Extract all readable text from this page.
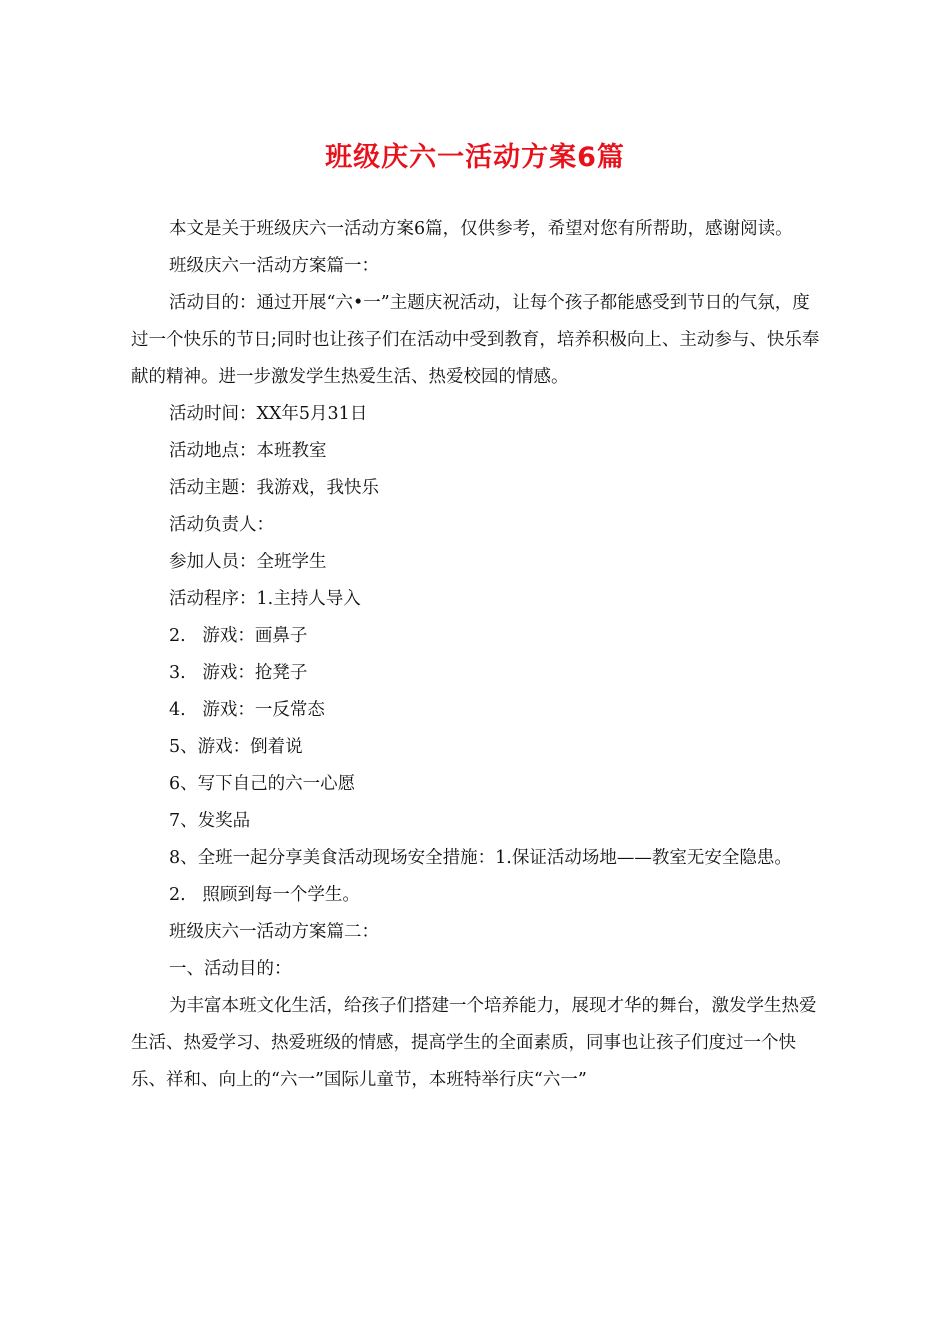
班级庆六一活动方案6篇

本文是关于班级庆六一活动方案6篇，仅供参考，希望对您有所帮助，感谢阅读。

班级庆六一活动方案篇一：

活动目的：通过开展“六•一”主题庆祝活动，让每个孩子都能感受到节日的气氛，度过一个快乐的节日;同时也让孩子们在活动中受到教育，培养积极向上、主动参与、快乐奉献的精神。进一步激发学生热爱生活、热爱校园的情感。

活动时间：XX年5月31日

活动地点：本班教室

活动主题：我游戏，我快乐

活动负责人：

参加人员：全班学生

活动程序：1.主持人导入

2.   游戏：画鼻子

3.   游戏：抢凳子

4.   游戏：一反常态

5、游戏：倒着说

6、写下自己的六一心愿

7、发奖品

8、全班一起分享美食活动现场安全措施：1.保证活动场地——教室无安全隐患。

2.   照顾到每一个学生。

班级庆六一活动方案篇二：

一、活动目的：

为丰富本班文化生活，给孩子们搭建一个培养能力，展现才华的舞台，激发学生热爱生活、热爱学习、热爱班级的情感，提高学生的全面素质，同事也让孩子们度过一个快乐、祥和、向上的“六一”国际儿童节，本班特举行庆“六一”
